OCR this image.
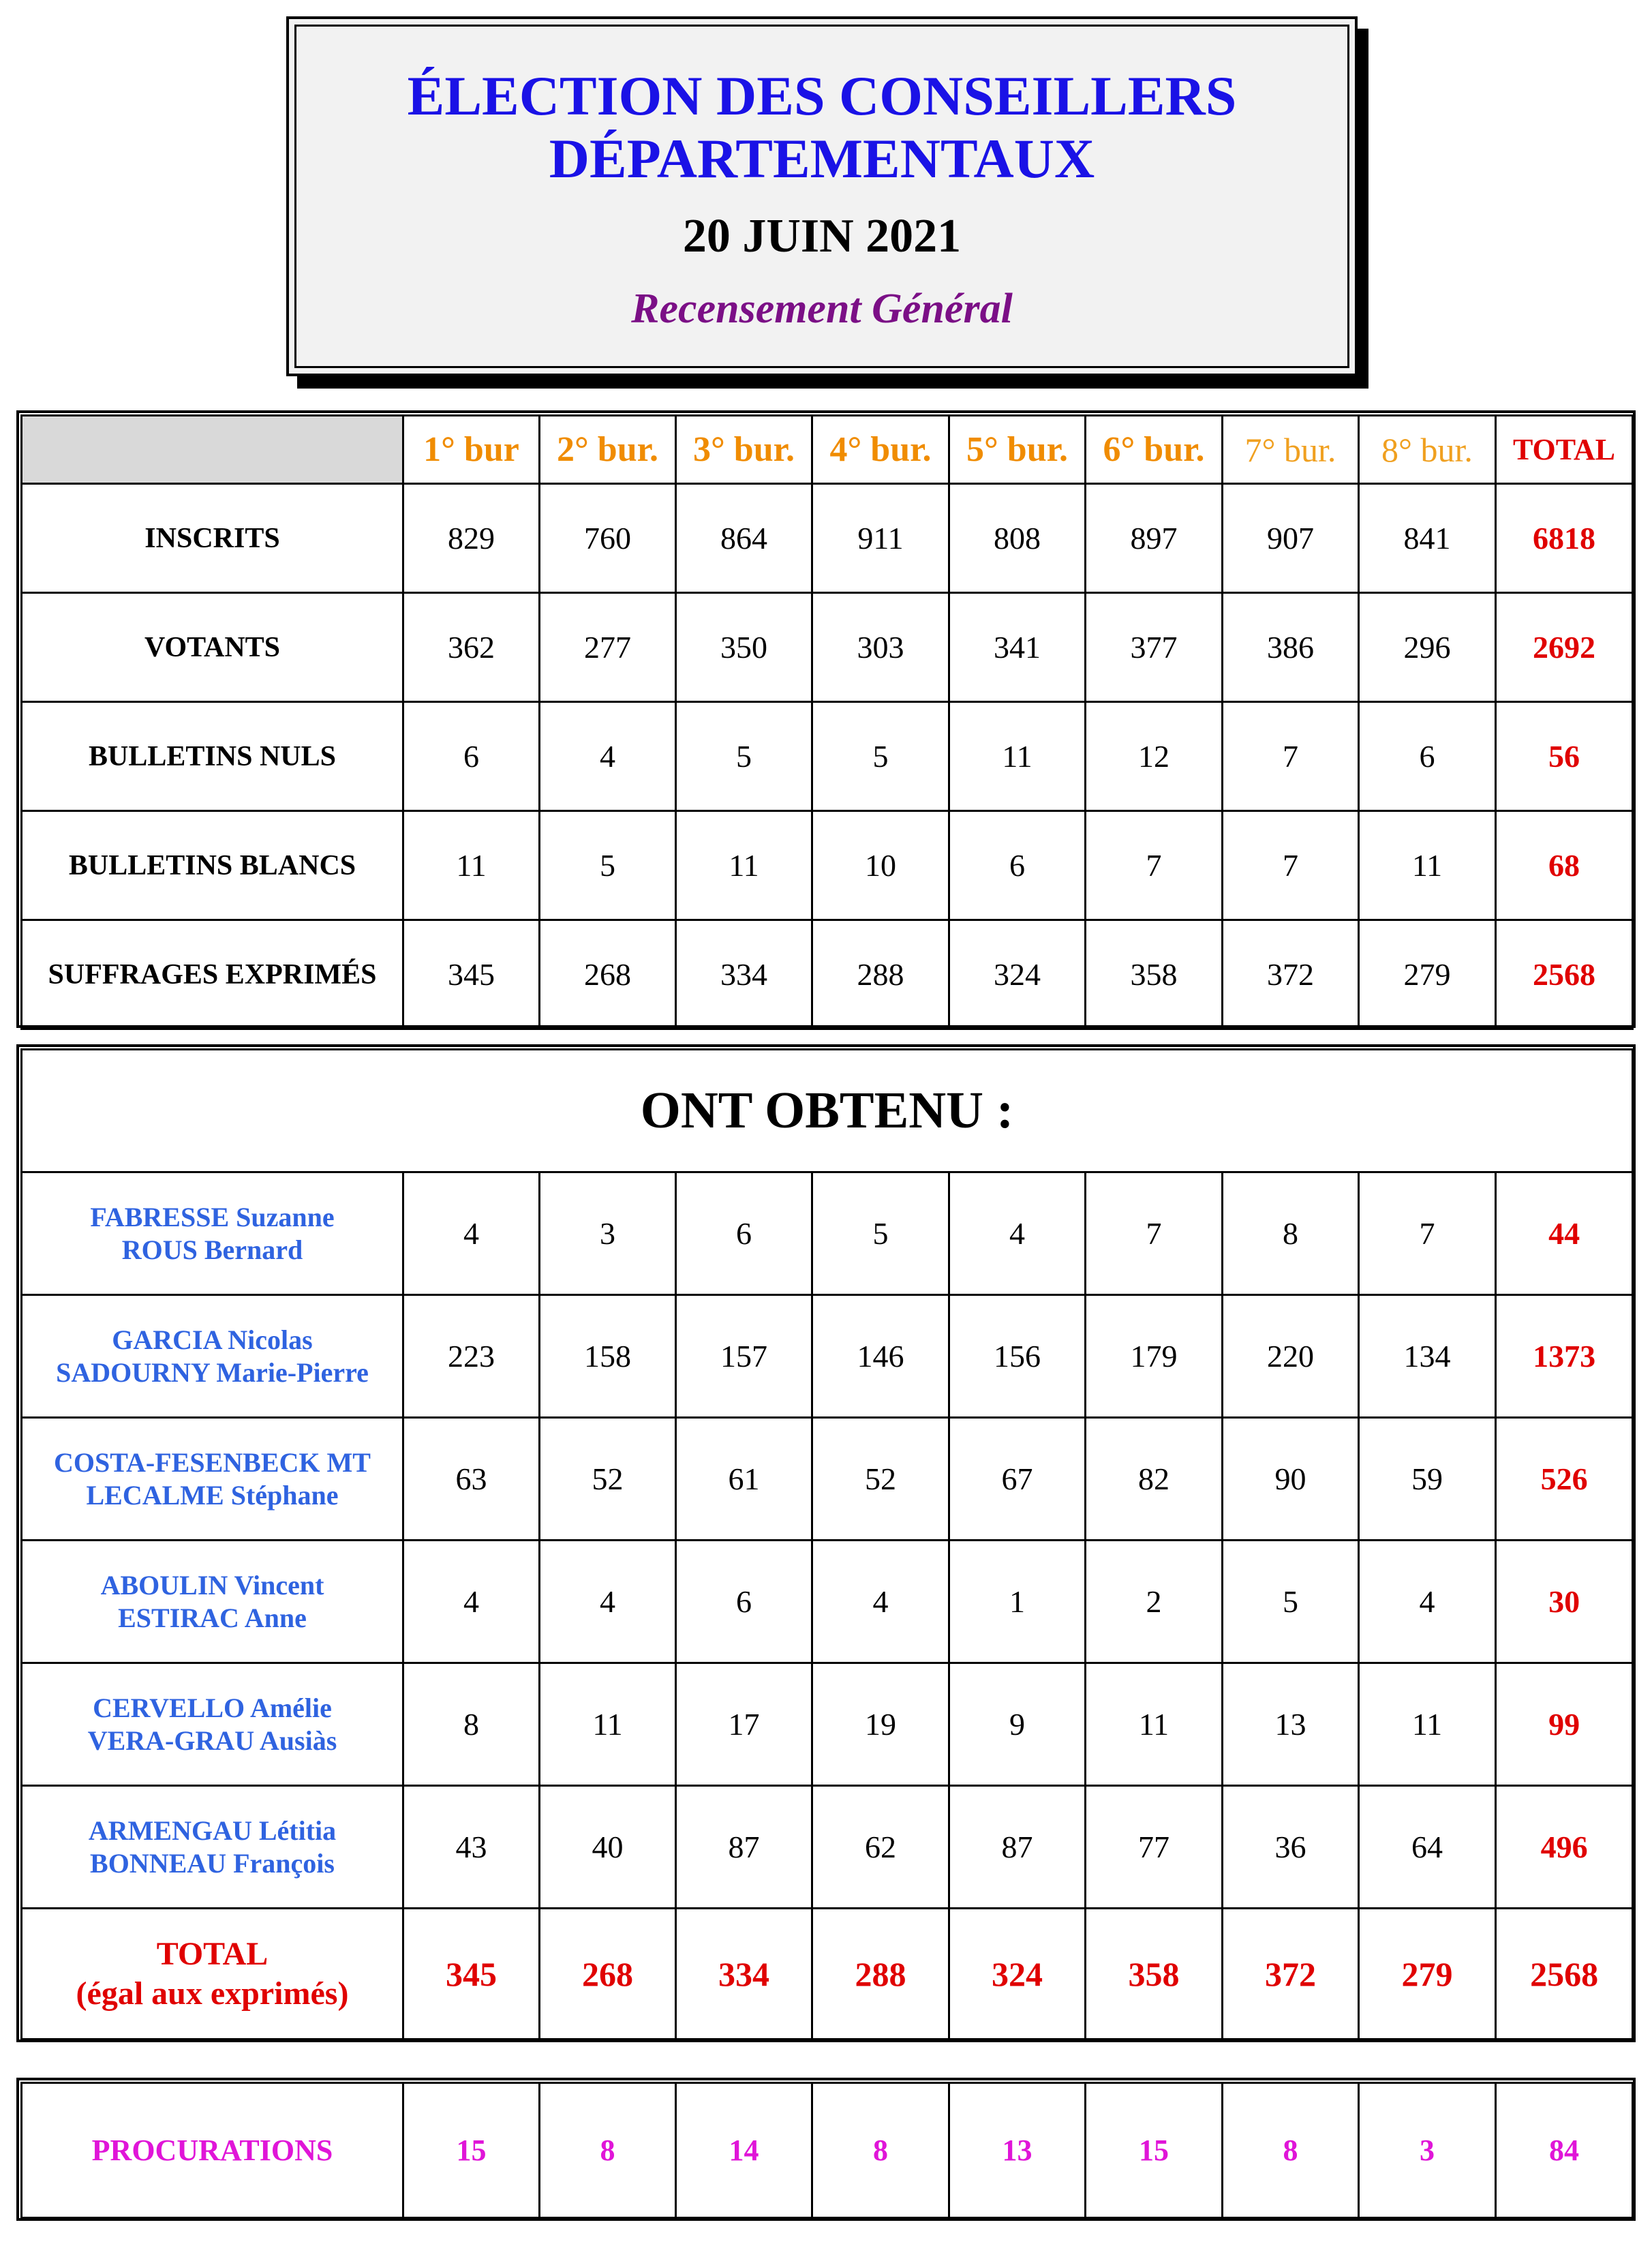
ÉLECTION DES CONSEILLERS
DÉPARTEMENTAUX
20 JUIN 2021
Recensement Général
	1° bur	2° bur.	3° bur.	4° bur.	5° bur.	6° bur.	7° bur.	8° bur.	TOTAL
INSCRITS	829	760	864	911	808	897	907	841	6818
VOTANTS	362	277	350	303	341	377	386	296	2692
BULLETINS NULS	6	4	5	5	11	12	7	6	56
BULLETINS BLANCS	11	5	11	10	6	7	7	11	68
SUFFRAGES EXPRIMÉS	345	268	334	288	324	358	372	279	2568
ONT OBTENU :									

FABRESSE Suzanne
ROUS Bernard	4	3	6	5	4	7	8	7	44

GARCIA Nicolas
SADOURNY Marie-Pierre	223	158	157	146	156	179	220	134	1373

COSTA-FESENBECK MT
LECALME Stéphane	63	52	61	52	67	82	90	59	526

ABOULIN Vincent
ESTIRAC Anne	4	4	6	4	1	2	5	4	30

CERVELLO Amélie
VERA-GRAU Ausiàs	8	11	17	19	9	11	13	11	99

ARMENGAU Létitia
BONNEAU François	43	40	87	62	87	77	36	64	496

TOTAL
(égal aux exprimés)	345	268	334	288	324	358	372	279	2568
PROCURATIONS	15	8	14	8	13	15	8	3	84
